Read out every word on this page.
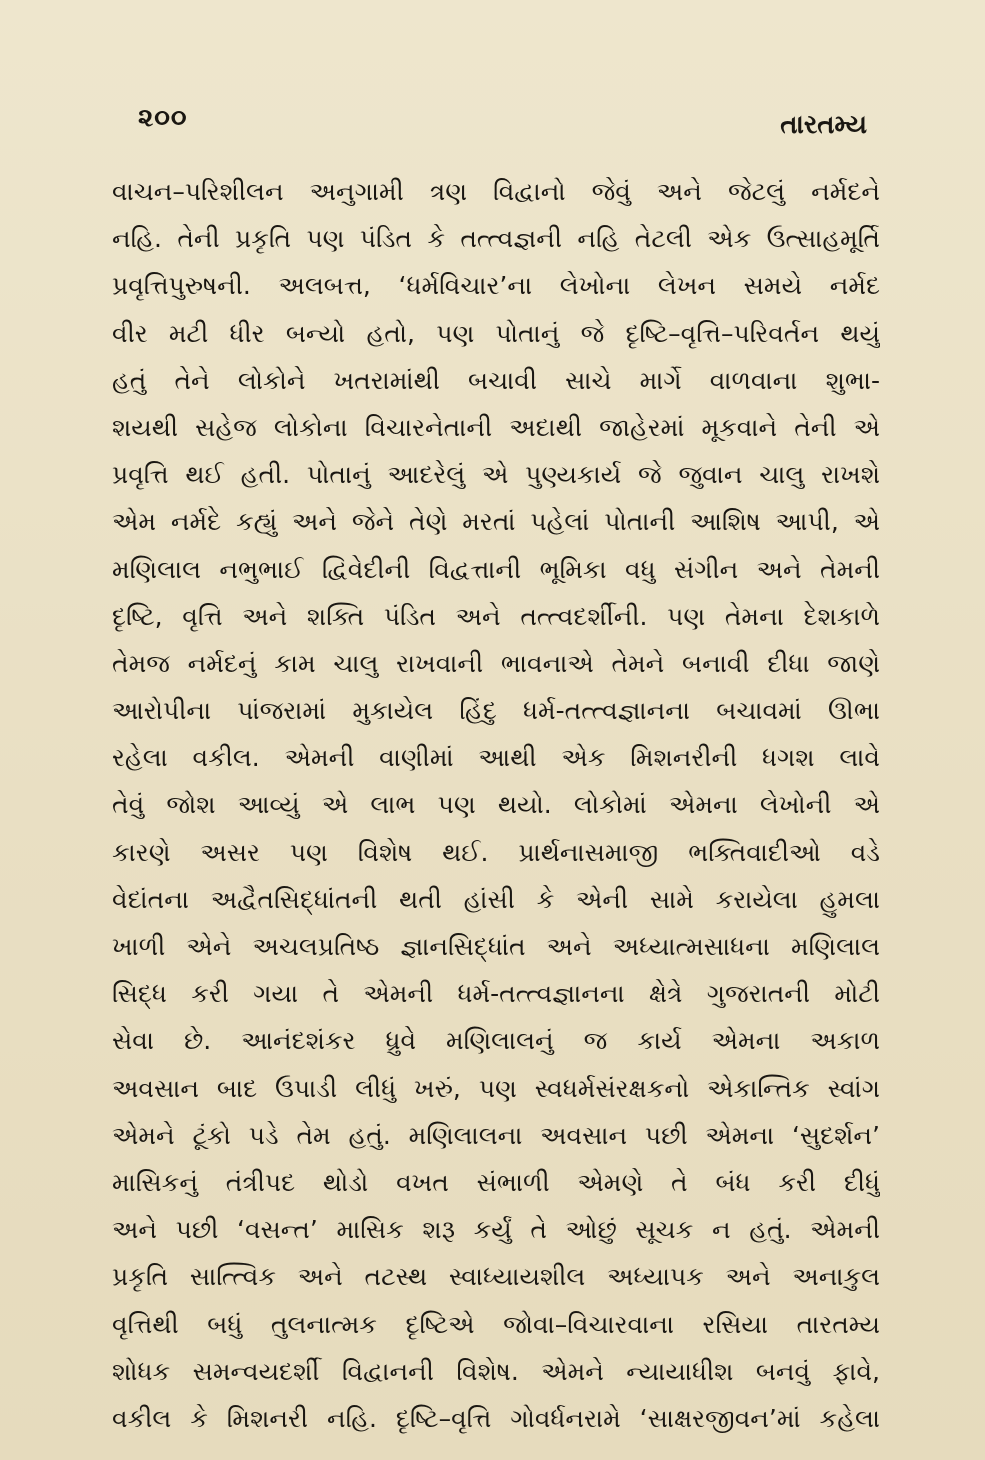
૨૦૦	તારતમ્ય
વાચન–પરિશીલન અનુગામી ત્રણ વિદ્વાનો જેવું અને જેટલું નર્મદને
નહિ. તેની પ્રકૃતિ પણ પંડિત કે તત્ત્વજ્ઞની નહિ તેટલી એક ઉત્સાહમૂર્તિ
પ્રવૃત્તિપુરુષની. અલબત્ત, ‘ધર્મવિચાર’ના લેખોના લેખન સમયે નર્મદ
વીર મટી ધીર બન્યો હતો, પણ પોતાનું જે દૃષ્ટિ–વૃત્તિ–પરિવર્તન થયું
હતું તેને લોકોને ખતરામાંથી બચાવી સાચે માર્ગે વાળવાના શુભા-
શયથી સહેજ લોકોના વિચારનેતાની અદાથી જાહેરમાં મૂકવાને તેની એ
પ્રવૃત્તિ થઈ હતી. પોતાનું આદરેલું એ પુણ્યકાર્ય જે જુવાન ચાલુ રાખશે
એમ નર્મદે કહ્યું અને જેને તેણે મરતાં પહેલાં પોતાની આશિષ આપી, એ
મણિલાલ નભુભાઈ દ્વિવેદીની વિદ્વત્તાની ભૂમિકા વધુ સંગીન અને તેમની
દૃષ્ટિ, વૃત્તિ અને શક્તિ પંડિત અને તત્ત્વદર્શીની. પણ તેમના દેશકાળે
તેમજ નર્મદનું કામ ચાલુ રાખવાની ભાવનાએ તેમને બનાવી દીધા જાણે
આરોપીના પાંજરામાં મુકાયેલ હિંદુ ધર્મ-તત્ત્વજ્ઞાનના બચાવમાં ઊભા
રહેલા વકીલ. એમની વાણીમાં આથી એક મિશનરીની ધગશ લાવે
તેવું જોશ આવ્યું એ લાભ પણ થયો. લોકોમાં એમના લેખોની એ
કારણે અસર પણ વિશેષ થઈ. પ્રાર્થનાસમાજી ભક્તિવાદીઓ વડે
વેદાંતના અદ્વૈતસિદ્ધાંતની થતી હાંસી કે એની સામે કરાયેલા હુમલા
ખાળી એને અચલપ્રતિષ્ઠ જ્ઞાનસિદ્ધાંત અને અધ્યાત્મસાધના મણિલાલ
સિદ્ધ કરી ગયા તે એમની ધર્મ-તત્ત્વજ્ઞાનના ક્ષેત્રે ગુજરાતની મોટી
સેવા છે. આનંદશંકર ધ્રુવે મણિલાલનું જ કાર્ય એમના અકાળ
અવસાન બાદ ઉપાડી લીધું ખરું, પણ સ્વધર્મસંરક્ષકનો એકાન્તિક સ્વાંગ
એમને ટૂંકો પડે તેમ હતું. મણિલાલના અવસાન પછી એમના ‘સુદર્શન’
માસિકનું તંત્રીપદ થોડો વખત સંભાળી એમણે તે બંધ કરી દીધું
અને પછી ‘વસન્ત’ માસિક શરૂ કર્યું તે ઓછું સૂચક ન હતું. એમની
પ્રકૃતિ સાત્ત્વિક અને તટસ્થ સ્વાધ્યાયશીલ અધ્યાપક અને અનાકુલ
વૃત્તિથી બધું તુલનાત્મક દૃષ્ટિએ જોવા–વિચારવાના રસિયા તારતમ્ય
શોધક સમન્વયદર્શી વિદ્વાનની વિશેષ. એમને ન્યાયાધીશ બનવું ફાવે,
વકીલ કે મિશનરી નહિ. દૃષ્ટિ–વૃત્તિ ગોવર્ધનરામે ‘સાક્ષરજીવન’માં કહેલા
